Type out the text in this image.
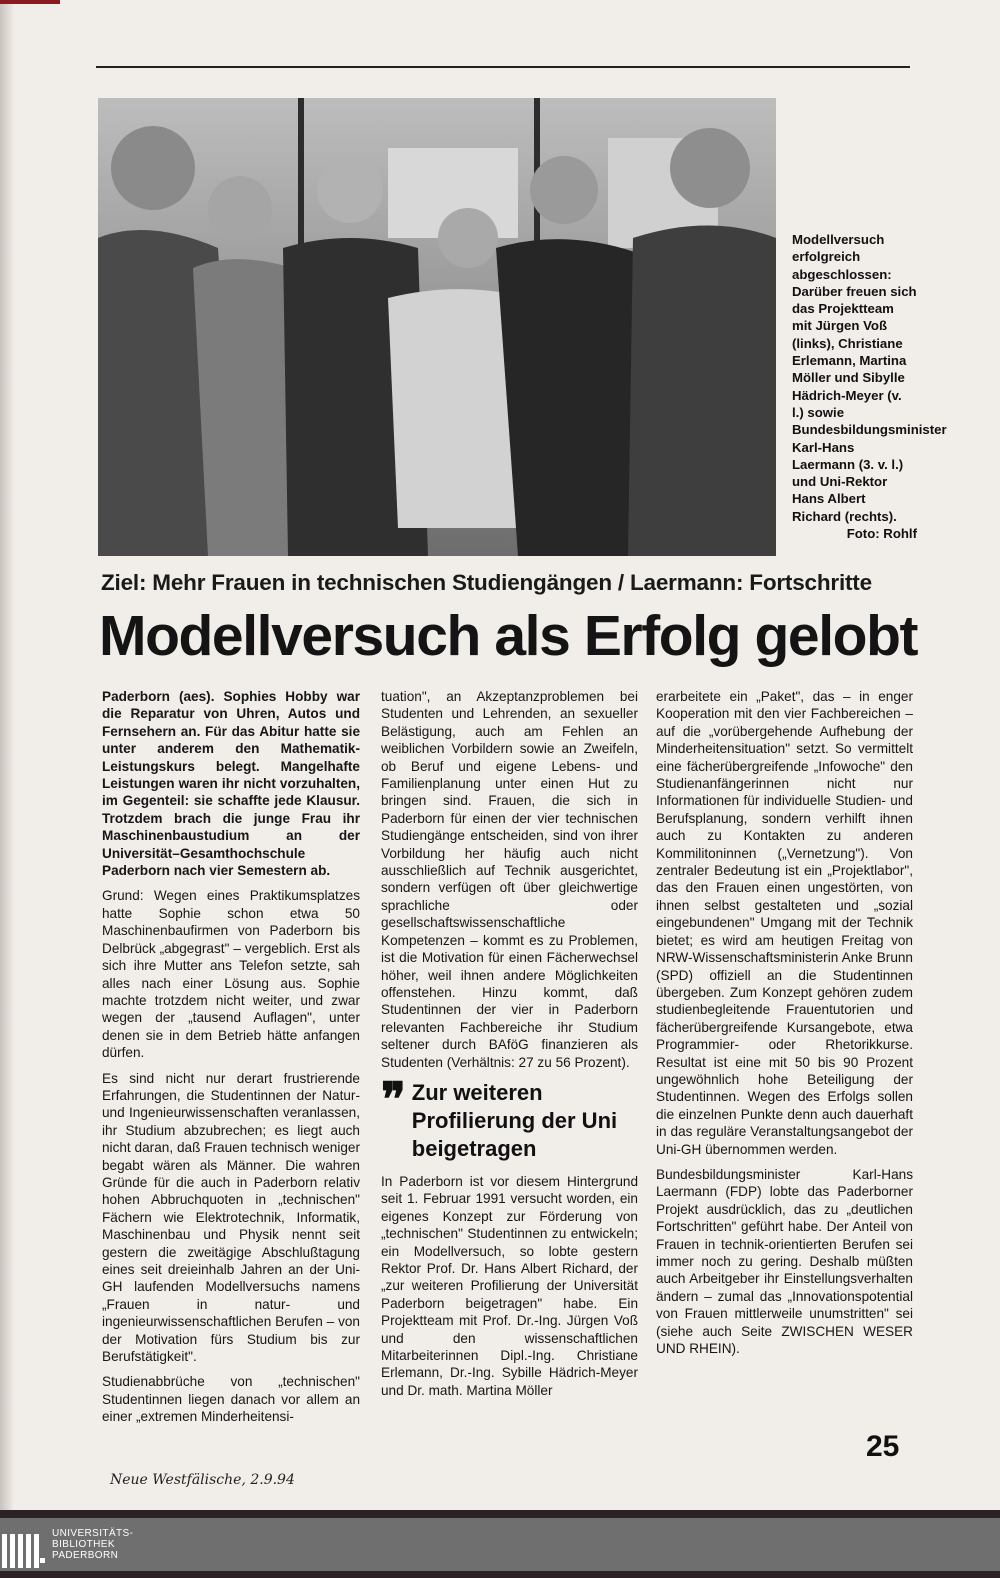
Modellversuch erfolgreich abgeschlossen: Darüber freuen sich das Projektteam mit Jürgen Voß (links), Christiane Erlemann, Martina Möller und Sibylle Hädrich-Meyer (v. l.) sowie Bundesbildungsminister Karl-Hans Laermann (3. v. l.) und Uni-Rektor Hans Albert Richard (rechts).
Foto: Rohlf
Ziel: Mehr Frauen in technischen Studiengängen / Laermann: Fortschritte
Modellversuch als Erfolg gelobt

Paderborn (aes). Sophies Hobby war die Reparatur von Uhren, Autos und Fernsehern an. Für das Abitur hatte sie unter anderem den Mathematik-Leistungskurs belegt. Mangelhafte Leistungen waren ihr nicht vorzuhalten, im Gegenteil: sie schaffte jede Klausur. Trotzdem brach die junge Frau ihr Maschinenbaustudium an der Universität–Gesamthochschule Paderborn nach vier Semestern ab.

Grund: Wegen eines Praktikumsplatzes hatte Sophie schon etwa 50 Maschinenbaufirmen von Paderborn bis Delbrück „abgegrast" – vergeblich. Erst als sich ihre Mutter ans Telefon setzte, sah alles nach einer Lösung aus. Sophie machte trotzdem nicht weiter, und zwar wegen der „tausend Auflagen", unter denen sie in dem Betrieb hätte anfangen dürfen.

Es sind nicht nur derart frustrierende Erfahrungen, die Studentinnen der Natur- und Ingenieurwissenschaften veranlassen, ihr Studium abzubrechen; es liegt auch nicht daran, daß Frauen technisch weniger begabt wären als Männer. Die wahren Gründe für die auch in Paderborn relativ hohen Abbruchquoten in „technischen" Fächern wie Elektrotechnik, Informatik, Maschinenbau und Physik nennt seit gestern die zweitägige Abschlußtagung eines seit dreieinhalb Jahren an der Uni-GH laufenden Modellversuchs namens „Frauen in natur- und ingenieurwissenschaftlichen Berufen – von der Motivation fürs Studium bis zur Berufstätigkeit".

Studienabbrüche von „technischen" Studentinnen liegen danach vor allem an einer „extremen Minderheitensi-

tuation", an Akzeptanzproblemen bei Studenten und Lehrenden, an sexueller Belästigung, auch am Fehlen an weiblichen Vorbildern sowie an Zweifeln, ob Beruf und eigene Lebens- und Familienplanung unter einen Hut zu bringen sind. Frauen, die sich in Paderborn für einen der vier technischen Studiengänge entscheiden, sind von ihrer Vorbildung her häufig auch nicht ausschließlich auf Technik ausgerichtet, sondern verfügen oft über gleichwertige sprachliche oder gesellschaftswissenschaftliche Kompetenzen – kommt es zu Problemen, ist die Motivation für einen Fächerwechsel höher, weil ihnen andere Möglichkeiten offenstehen. Hinzu kommt, daß Studentinnen der vier in Paderborn relevanten Fachbereiche ihr Studium seltener durch BAföG finanzieren als Studenten (Verhältnis: 27 zu 56 Prozent).

❞ Zur weiteren Profilierung der Uni beigetragen

In Paderborn ist vor diesem Hintergrund seit 1. Februar 1991 versucht worden, ein eigenes Konzept zur Förderung von „technischen" Studentinnen zu entwickeln; ein Modellversuch, so lobte gestern Rektor Prof. Dr. Hans Albert Richard, der „zur weiteren Profilierung der Universität Paderborn beigetragen" habe. Ein Projektteam mit Prof. Dr.-Ing. Jürgen Voß und den wissenschaftlichen Mitarbeiterinnen Dipl.-Ing. Christiane Erlemann, Dr.-Ing. Sybille Hädrich-Meyer und Dr. math. Martina Möller

erarbeitete ein „Paket", das – in enger Kooperation mit den vier Fachbereichen – auf die „vorübergehende Aufhebung der Minderheitensituation" setzt. So vermittelt eine fächerübergreifende „Infowoche" den Studienanfängerinnen nicht nur Informationen für individuelle Studien- und Berufsplanung, sondern verhilft ihnen auch zu Kontakten zu anderen Kommilitoninnen („Vernetzung"). Von zentraler Bedeutung ist ein „Projektlabor", das den Frauen einen ungestörten, von ihnen selbst gestalteten und „sozial eingebundenen" Umgang mit der Technik bietet; es wird am heutigen Freitag von NRW-Wissenschaftsministerin Anke Brunn (SPD) offiziell an die Studentinnen übergeben. Zum Konzept gehören zudem studienbegleitende Frauentutorien und fächerübergreifende Kursangebote, etwa Programmier- oder Rhetorikkurse. Resultat ist eine mit 50 bis 90 Prozent ungewöhnlich hohe Beteiligung der Studentinnen. Wegen des Erfolgs sollen die einzelnen Punkte denn auch dauerhaft in das reguläre Veranstaltungsangebot der Uni-GH übernommen werden.

Bundesbildungsminister Karl-Hans Laermann (FDP) lobte das Paderborner Projekt ausdrücklich, das zu „deutlichen Fortschritten" geführt habe. Der Anteil von Frauen in technik-orientierten Berufen sei immer noch zu gering. Deshalb müßten auch Arbeitgeber ihr Einstellungsverhalten ändern – zumal das „Innovationspotential von Frauen mittlerweile unumstritten" sei (siehe auch Seite ZWISCHEN WESER UND RHEIN).

25
Neue Westfälische, 2.9.94
UNIVERSITÄTS-
BIBLIOTHEK
PADERBORN
